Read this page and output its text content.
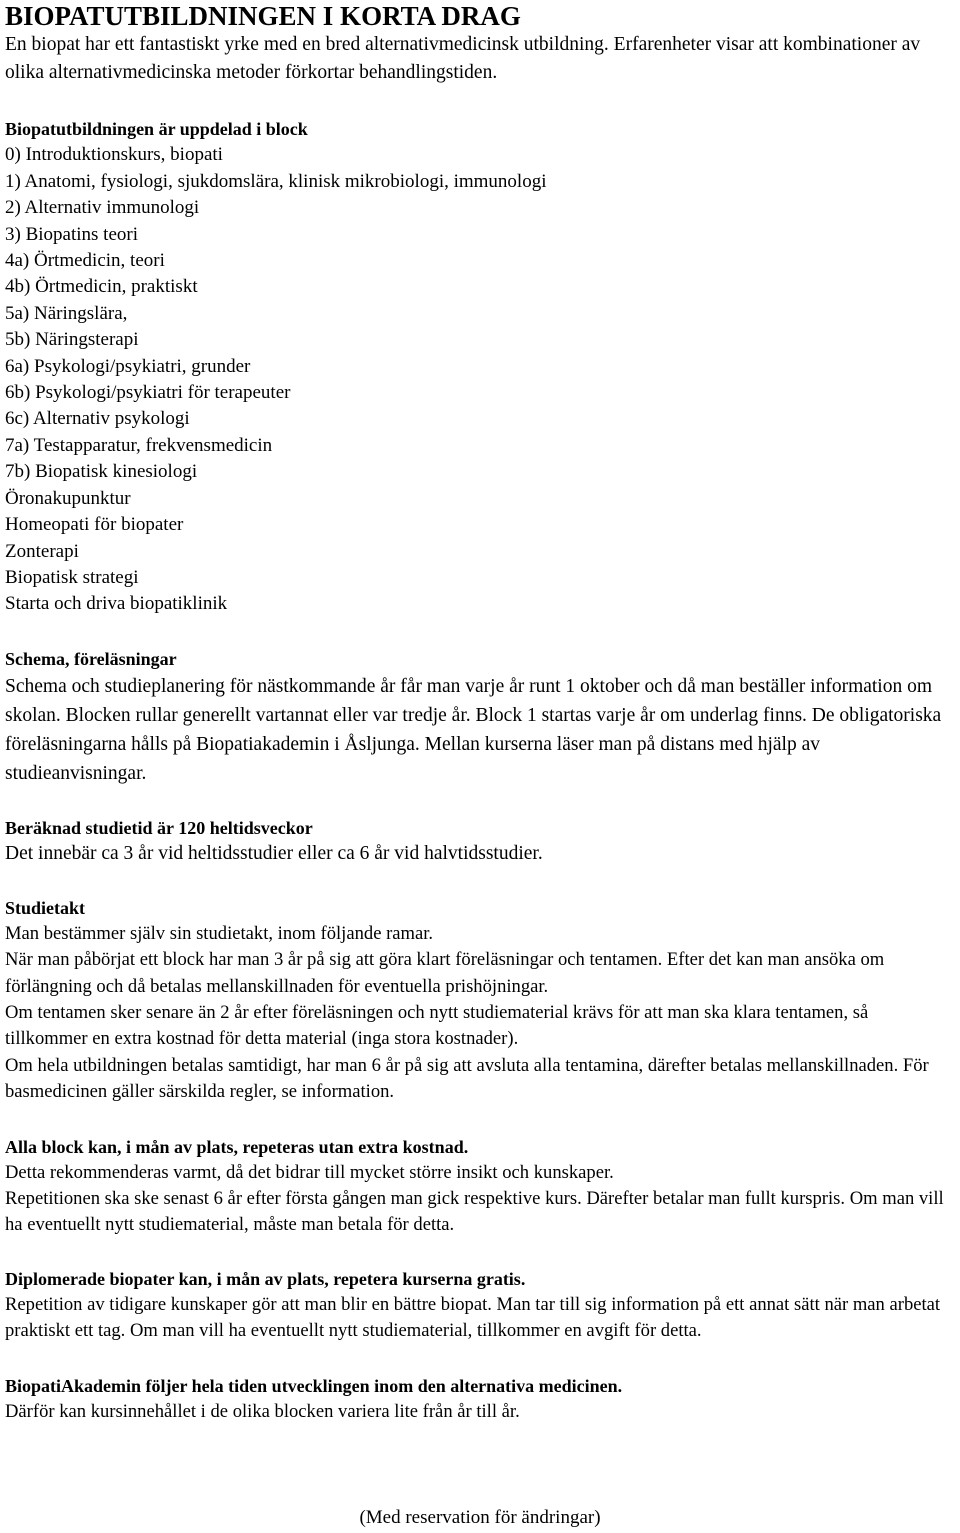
BIOPATUTBILDNINGEN I KORTA DRAG

En biopat har ett fantastiskt yrke med en bred alternativmedicinsk utbildning. Erfarenheter visar att kombinationer av olika alternativmedicinska metoder förkortar behandlingstiden.

Biopatutbildningen är uppdelad i block

0) Introduktionskurs, biopati
1) Anatomi, fysiologi, sjukdomslära, klinisk mikrobiologi, immunologi
2) Alternativ immunologi
3) Biopatins teori
4a) Örtmedicin, teori
4b) Örtmedicin, praktiskt
5a) Näringslära,
5b) Näringsterapi
6a) Psykologi/psykiatri, grunder
6b) Psykologi/psykiatri för terapeuter
6c) Alternativ psykologi
7a) Testapparatur, frekvensmedicin
7b) Biopatisk kinesiologi
Öronakupunktur
Homeopati för biopater
Zonterapi
Biopatisk strategi
Starta och driva biopatiklinik

Schema, föreläsningar

Schema och studieplanering för nästkommande år får man varje år runt 1 oktober och då man beställer information om skolan. Blocken rullar generellt vartannat eller var tredje år. Block 1 startas varje år om underlag finns. De obligatoriska föreläsningarna hålls på Biopatiakademin i Åsljunga. Mellan kurserna läser man på distans med hjälp av studieanvisningar.

Beräknad studietid är 120 heltidsveckor

Det innebär ca 3 år vid heltidsstudier eller ca 6 år vid halvtidsstudier.

Studietakt

Man bestämmer själv sin studietakt, inom följande ramar.

När man påbörjat ett block har man 3 år på sig att göra klart föreläsningar och tentamen. Efter det kan man ansöka om förlängning och då betalas mellanskillnaden för eventuella prishöjningar.

Om tentamen sker senare än 2 år efter föreläsningen och nytt studiematerial krävs för att man ska klara tentamen, så tillkommer en extra kostnad för detta material (inga stora kostnader).

Om hela utbildningen betalas samtidigt, har man 6 år på sig att avsluta alla tentamina, därefter betalas mellanskillnaden. För basmedicinen gäller särskilda regler, se information.

Alla block kan, i mån av plats, repeteras utan extra kostnad.

Detta rekommenderas varmt, då det bidrar till mycket större insikt och kunskaper.

Repetitionen ska ske senast 6 år efter första gången man gick respektive kurs. Därefter betalar man fullt kurspris. Om man vill ha eventuellt nytt studiematerial, måste man betala för detta.

Diplomerade biopater kan, i mån av plats, repetera kurserna gratis.

Repetition av tidigare kunskaper gör att man blir en bättre biopat. Man tar till sig information på ett annat sätt när man arbetat praktiskt ett tag. Om man vill ha eventuellt nytt studiematerial, tillkommer en avgift för detta.

BiopatiAkademin följer hela tiden utvecklingen inom den alternativa medicinen.

Därför kan kursinnehållet i de olika blocken variera lite från år till år.

(Med reservation för ändringar)
